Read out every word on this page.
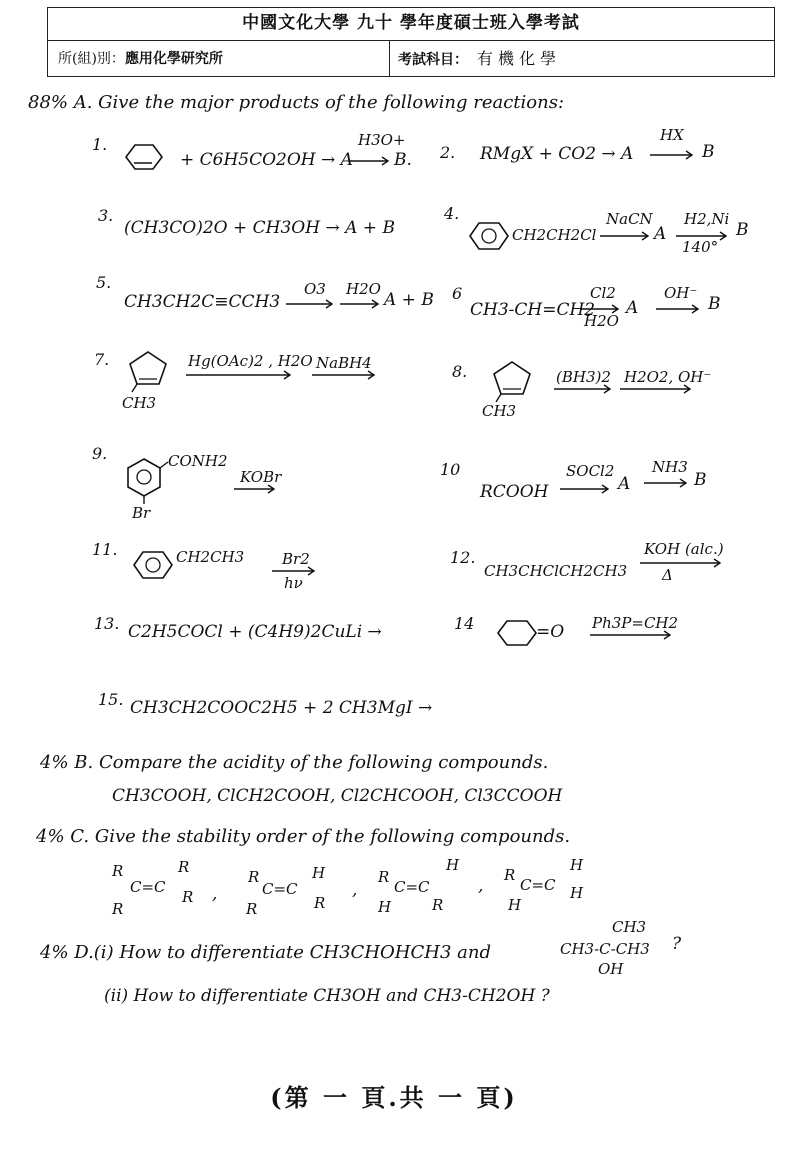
中國文化大學 九十 學年度碩士班入學考試
所(組)別：應用化學研究所	考試科目： 有 機 化 學
88% A. Give the major products of the following reactions:
1.
+ C6H5CO2OH → A
H3O+
→ B. 2. RMgX + CO2 → A
HX
→ B
3.
(CH3CO)2O + CH3OH → A + B
4.
CH2CH2Cl
NaCN
→ A
H2,Ni
140°
B
5.
CH3CH2C≡CCH3
O3 H2O
→ A + B 6
CH3-CH=CH2
Cl2
H2O
A
OH⁻
→ B
7.
CH3
Hg(OAc)2 , H2O NaBH4	8.
CH3
(BH3)2 H2O2, OH⁻
9.	CONH2
Br
KOBr	10
RCOOH
SOCl2
→ A
NH3
→ B
11.	CH2CH3	Br2
hν
12.
CH3CHClCH2CH3
KOH (alc.)
Δ
13. C2H5COCl + (C4H9)2CuLi →	14	=O Ph3P=CH2
15. CH3CH2COOC2H5 + 2 CH3MgI →
4% B. Compare the acidity of the following compounds.
CH3COOH, ClCH2COOH, Cl2CHCOOH, Cl3CCOOH
4% C. Give the stability order of the following compounds.
R
R
C=C
R
R ,
R
R
C=C
H
R
,
R
H
C=C
H
R
,
R
H
C=C
H
H
4% D.(i) How to differentiate CH3CHOHCH3 and
CH3
CH3-C-CH3
OH
?
(ii) How to differentiate CH3OH and CH3-CH2OH ?
(第 一 頁.共 一 頁)
